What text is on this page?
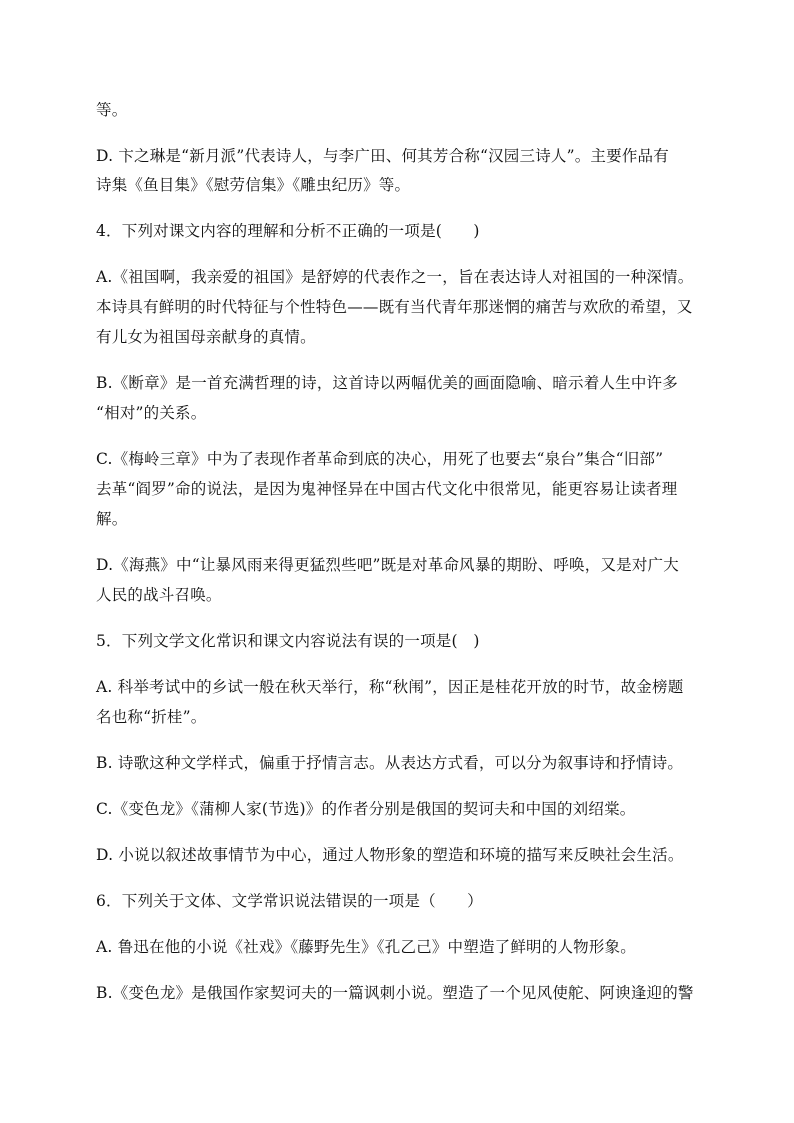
等。
D. 卞之琳是“新月派”代表诗人，与李广田、何其芳合称“汉园三诗人”。主要作品有
诗集《鱼目集》《慰劳信集》《雕虫纪历》等。
4．下列对课文内容的理解和分析不正确的一项是(　　)
A.《祖国啊，我亲爱的祖国》是舒婷的代表作之一，旨在表达诗人对祖国的一种深情。
本诗具有鲜明的时代特征与个性特色——既有当代青年那迷惘的痛苦与欢欣的希望，又
有儿女为祖国母亲献身的真情。
B.《断章》是一首充满哲理的诗，这首诗以两幅优美的画面隐喻、暗示着人生中许多
“相对”的关系。
C.《梅岭三章》中为了表现作者革命到底的决心，用死了也要去“泉台”集合“旧部”
去革“阎罗”命的说法，是因为鬼神怪异在中国古代文化中很常见，能更容易让读者理
解。
D.《海燕》中“让暴风雨来得更猛烈些吧”既是对革命风暴的期盼、呼唤，又是对广大
人民的战斗召唤。
5．下列文学文化常识和课文内容说法有误的一项是(　)
A. 科举考试中的乡试一般在秋天举行，称“秋闱”，因正是桂花开放的时节，故金榜题
名也称“折桂”。
B. 诗歌这种文学样式，偏重于抒情言志。从表达方式看，可以分为叙事诗和抒情诗。
C.《变色龙》《蒲柳人家(节选)》的作者分别是俄国的契诃夫和中国的刘绍棠。
D. 小说以叙述故事情节为中心，通过人物形象的塑造和环境的描写来反映社会生活。
6．下列关于文体、文学常识说法错误的一项是（　　）
A. 鲁迅在他的小说《社戏》《藤野先生》《孔乙己》中塑造了鲜明的人物形象。
B.《变色龙》是俄国作家契诃夫的一篇讽刺小说。塑造了一个见风使舵、阿谀逢迎的警
